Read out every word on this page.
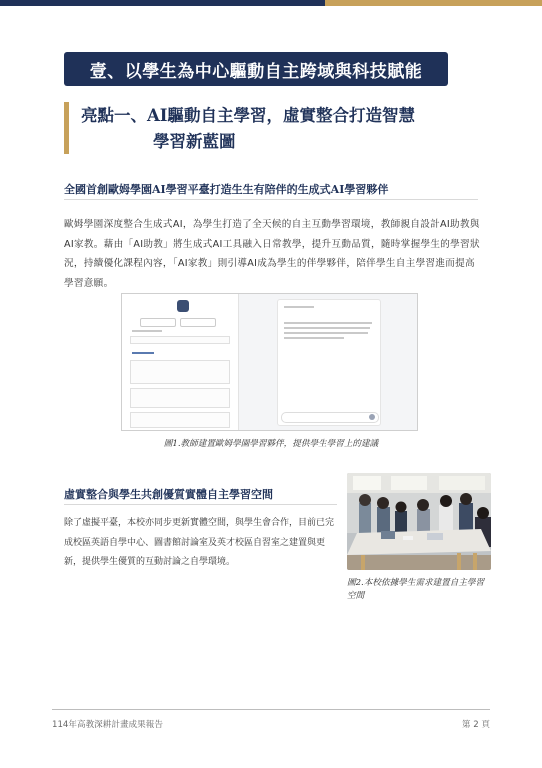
壹、以學生為中心驅動自主跨域與科技賦能
亮點一、AI驅動自主學習，虛實整合打造智慧
學習新藍圖
全國首創歐姆學園AI學習平臺打造生生有陪伴的生成式AI學習夥伴
歐姆學園深度整合生成式AI，為學生打造了全天候的自主互動學習環境，教師親自設計AI助教與AI家教。藉由「AI助教」將生成式AI工具融入日常教學，提升互動品質，隨時掌握學生的學習狀況，持續優化課程內容，「AI家教」則引導AI成為學生的伴學夥伴，陪伴學生自主學習進而提高學習意願。
圖1.教師建置歐姆學園學習夥伴，提供學生學習上的建議
虛實整合與學生共創優質實體自主學習空間
除了虛擬平臺，本校亦同步更新實體空間，與學生會合作，目前已完成校區英語自學中心、圖書館討論室及英才校區自習室之建置與更新，提供學生優質的互動討論之自學環境。
圖2.本校依據學生需求建置自主學習空間
114年高教深耕計畫成果報告	第 2 頁
